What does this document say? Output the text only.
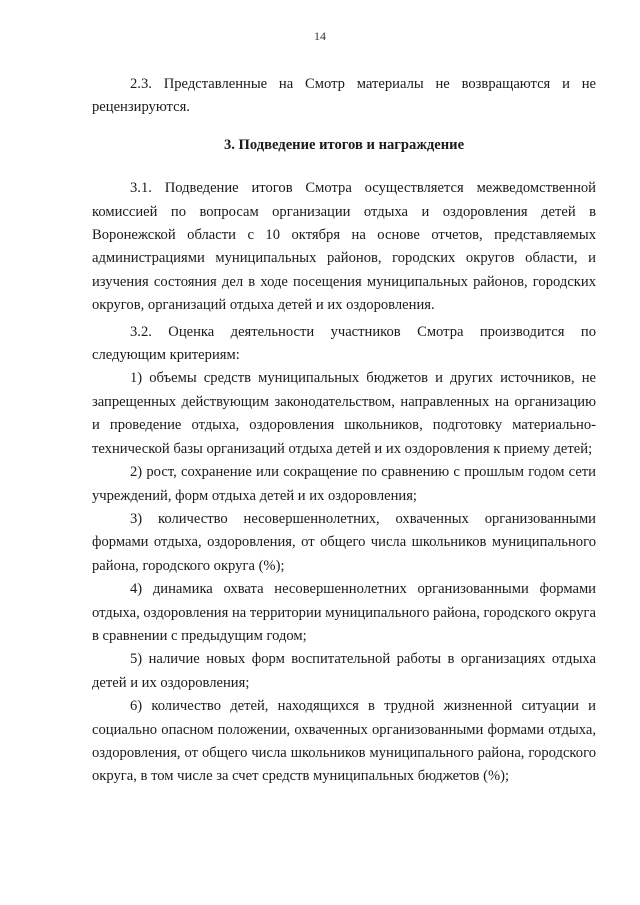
14

2.3. Представленные на Смотр материалы не возвращаются и не рецензируются.

3. Подведение итогов и награждение

3.1. Подведение итогов Смотра осуществляется межведомственной комиссией по вопросам организации отдыха и оздоровления детей в Воронежской области с 10 октября на основе отчетов, представляемых администрациями муниципальных районов, городских округов области, и изучения состояния дел в ходе посещения муниципальных районов, городских округов, организаций отдыха детей и их оздоровления.

3.2. Оценка деятельности участников Смотра производится по следующим критериям:

1) объемы средств муниципальных бюджетов и других источников, не запрещенных действующим законодательством, направленных на организацию и проведение отдыха, оздоровления школьников, подготовку материально-технической базы организаций отдыха детей и их оздоровления к приему детей;

2) рост, сохранение или сокращение по сравнению с прошлым годом сети учреждений, форм отдыха детей и их оздоровления;

3) количество несовершеннолетних, охваченных организованными формами отдыха, оздоровления, от общего числа школьников муниципального района, городского округа (%);

4) динамика охвата несовершеннолетних организованными формами отдыха, оздоровления на территории муниципального района, городского округа в сравнении с предыдущим годом;

5) наличие новых форм воспитательной работы в организациях отдыха детей и их оздоровления;

6) количество детей, находящихся в трудной жизненной ситуации и социально опасном положении, охваченных организованными формами отдыха, оздоровления, от общего числа школьников муниципального района, городского округа, в том числе за счет средств муниципальных бюджетов (%);
